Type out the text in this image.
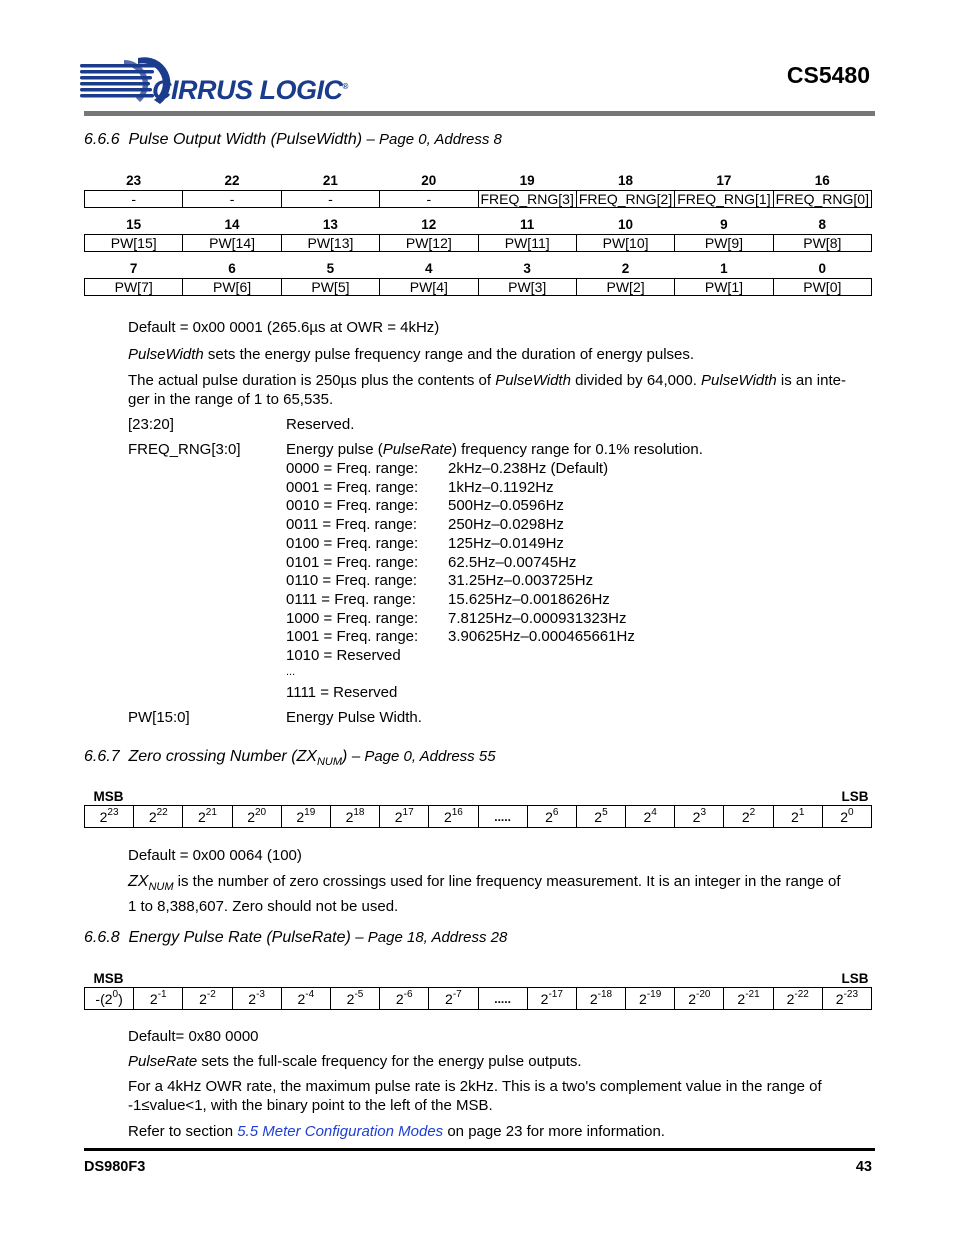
CIRRUS LOGIC®	CS5480
6.6.6 Pulse Output Width (PulseWidth) – Page 0, Address 8
23	22	21	20	19	18	17	16
-	-	-	-	FREQ_RNG[3]	FREQ_RNG[2]	FREQ_RNG[1]	FREQ_RNG[0]

15	14	13	12	11	10	9	8
PW[15]	PW[14]	PW[13]	PW[12]	PW[11]	PW[10]	PW[9]	PW[8]

7	6	5	4	3	2	1	0
PW[7]	PW[6]	PW[5]	PW[4]	PW[3]	PW[2]	PW[1]	PW[0]
Default = 0x00 0001 (265.6µs at OWR = 4kHz)
PulseWidth sets the energy pulse frequency range and the duration of energy pulses.
The actual pulse duration is 250µs plus the contents of PulseWidth divided by 64,000. PulseWidth is an inte-
ger in the range of 1 to 65,535.
[23:20]	Reserved.
FREQ_RNG[3:0]	Energy pulse (PulseRate) frequency range for 0.1% resolution.
0000 = Freq. range: 2kHz–0.238Hz (Default)
0001 = Freq. range: 1kHz–0.1192Hz
0010 = Freq. range: 500Hz–0.0596Hz
0011 = Freq. range: 250Hz–0.0298Hz
0100 = Freq. range: 125Hz–0.0149Hz
0101 = Freq. range: 62.5Hz–0.00745Hz
0110 = Freq. range: 31.25Hz–0.003725Hz
0111 = Freq. range: 15.625Hz–0.0018626Hz
1000 = Freq. range: 7.8125Hz–0.000931323Hz
1001 = Freq. range: 3.90625Hz–0.000465661Hz
1010 = Reserved
...
1111 = Reserved
PW[15:0]	Energy Pulse Width.
6.6.7 Zero crossing Number $(ZX_{NUM})$ – Page 0, Address 55
MSB									LSB						
$2^{23}$	$2^{22}$	$2^{21}$	$2^{20}$	$2^{19}$	$2^{18}$	$2^{17}$	$2^{16}$	.....	$2^6$	$2^5$	$2^4$	$2^3$	$2^2$	$2^1$	$2^0$
Default = 0x00 0064 (100)
$ZX_{NUM}$ is the number of zero crossings used for line frequency measurement. It is an integer in the range of
1 to 8,388,607. Zero should not be used.
6.6.8 Energy Pulse Rate (PulseRate) – Page 18, Address 28
MSB									LSB						
$-(2^0)$	$2^{-1}$	$2^{-2}$	$2^{-3}$	$2^{-4}$	$2^{-5}$	$2^{-6}$	$2^{-7}$	.....	$2^{-17}$	$2^{-18}$	$2^{-19}$	$2^{-20}$	$2^{-21}$	$2^{-22}$	$2^{-23}$
Default= 0x80 0000
PulseRate sets the full-scale frequency for the energy pulse outputs.
For a 4kHz OWR rate, the maximum pulse rate is 2kHz. This is a two's complement value in the range of
-1≤value<1, with the binary point to the left of the MSB.
Refer to section 5.5 Meter Configuration Modes on page 23 for more information.
DS980F3	43
